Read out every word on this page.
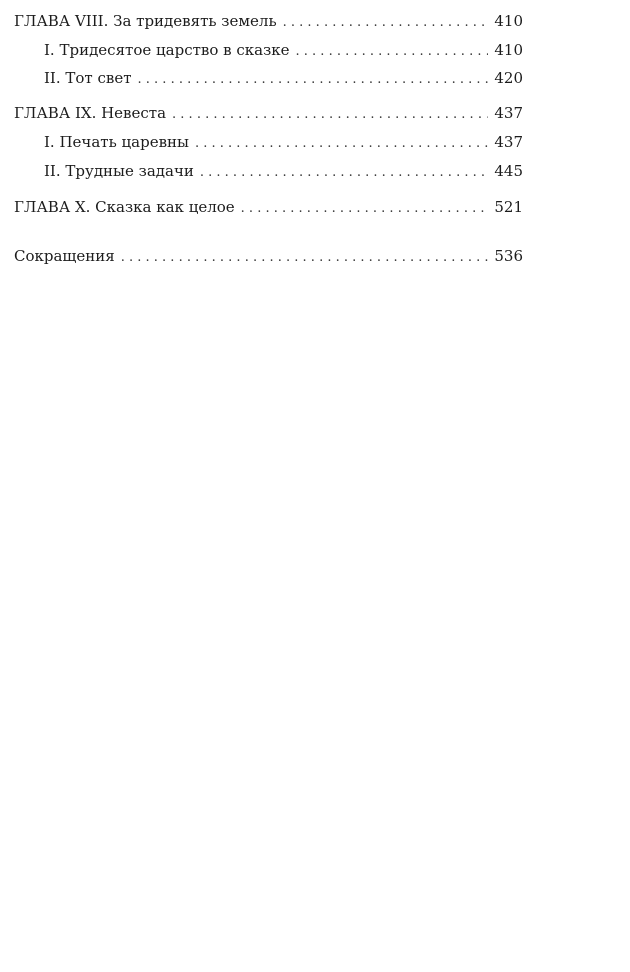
ГЛАВА VIII. За тридевять земель . . .	410
I. Тридесятое царство в сказке . . .	410
II. Тот свет . . .	420
ГЛАВА IX. Невеста . . .	437
I. Печать царевны . . .	437
II. Трудные задачи . . .	445
ГЛАВА X. Сказка как целое . . .	521
Сокращения . . .	536
